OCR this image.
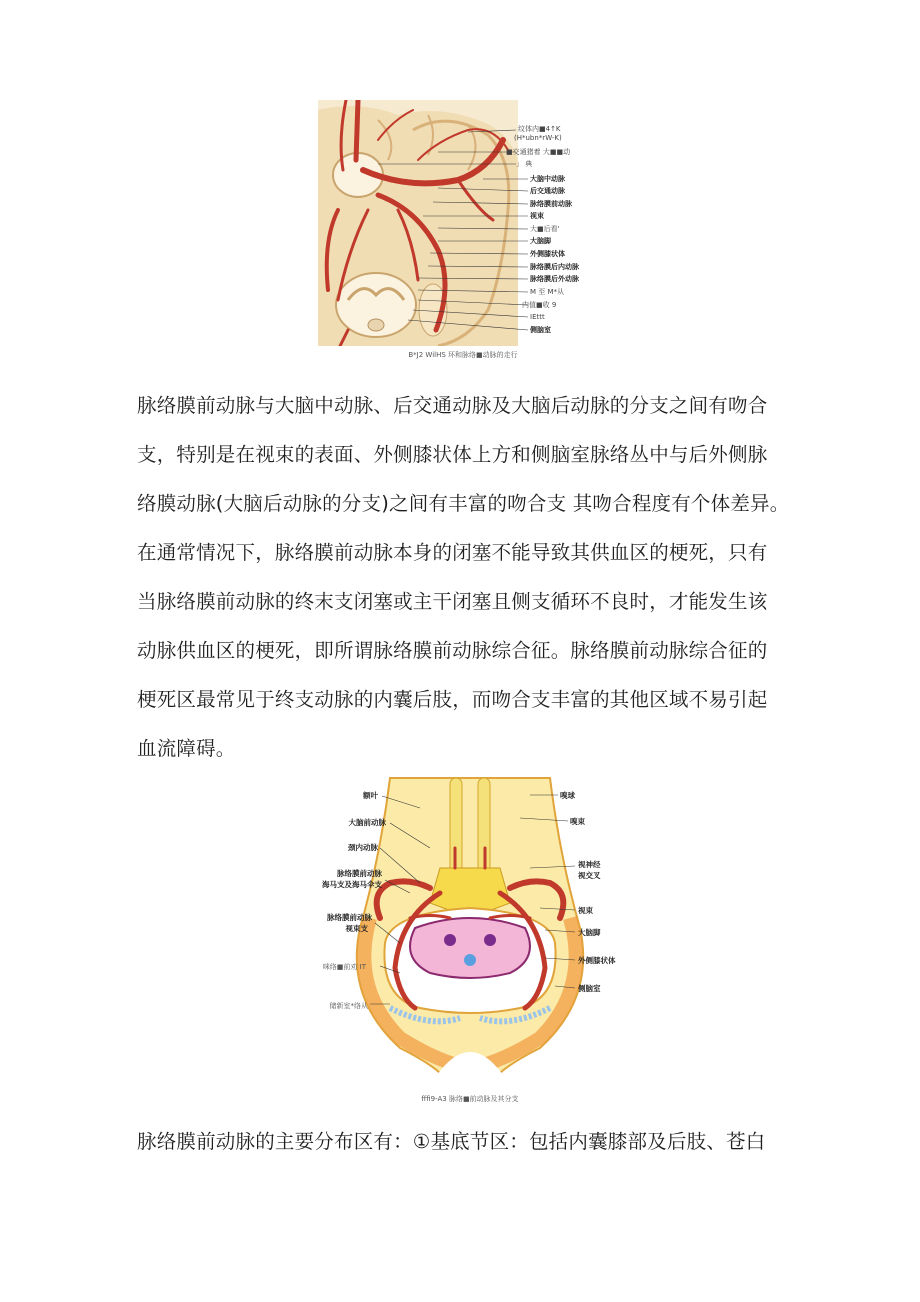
纹体内■4↑K
(H*ubn*rW-K)
■交通猪着 大■■动
」 典
大脑中动脉
后交通动脉
脉络膜前动脉
视束
大■后看'
大脑脚
外侧膝状体
脉络膜后内动脉
脉络膜后外动脉
M 至 M*从
内值■收 9
IEttt
侧脑室
B*J2 WilHS 环和脉络■动脉的走行
脉络膜前动脉与大脑中动脉、后交通动脉及大脑后动脉的分支之间有吻合
支，特别是在视束的表面、外侧膝状体上方和侧脑室脉络丛中与后外侧脉
络膜动脉(大脑后动脉的分支)之间有丰富的吻合支 其吻合程度有个体差异。
在通常情况下，脉络膜前动脉本身的闭塞不能导致其供血区的梗死，只有
当脉络膜前动脉的终末支闭塞或主干闭塞且侧支循环不良时，才能发生该
动脉供血区的梗死，即所谓脉络膜前动脉综合征。脉络膜前动脉综合征的
梗死区最常见于终支动脉的内囊后肢，而吻合支丰富的其他区域不易引起
血流障碍。
额叶
大脑前动脉
颈内动脉
脉络膜前动脉
海马支及海马伞支
脉络膜前动脉
视束支
咪络■前劝 IT
储新室*络从
嗅球
嗅束
视神经
视交叉
视束
大脑脚
外侧膝状体
侧脑室
fffi9-A3 脉络■前动脉及其分支
脉络膜前动脉的主要分布区有：①基底节区：包括内囊膝部及后肢、苍白
